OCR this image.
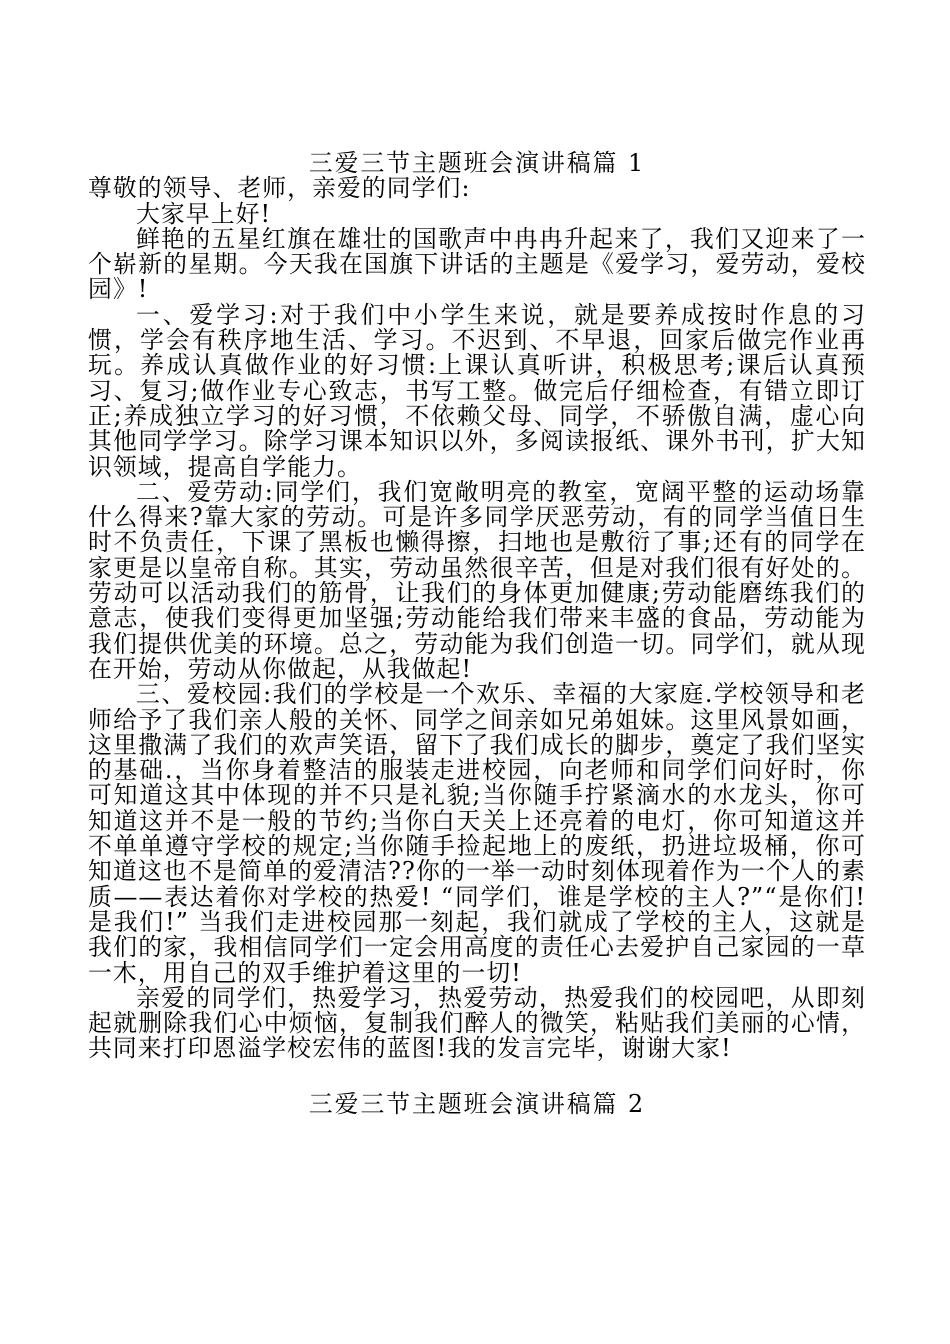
三爱三节主题班会演讲稿篇 1

尊敬的领导、老师，亲爱的同学们:

大家早上好!

鲜艳的五星红旗在雄壮的国歌声中冉冉升起来了，我们又迎来了一个崭新的星期。今天我在国旗下讲话的主题是《爱学习，爱劳动，爱校园》!

一、爱学习:对于我们中小学生来说，就是要养成按时作息的习惯，学会有秩序地生活、学习。不迟到、不早退，回家后做完作业再玩。养成认真做作业的好习惯:上课认真听讲，积极思考;课后认真预习、复习;做作业专心致志，书写工整。做完后仔细检查，有错立即订正;养成独立学习的好习惯，不依赖父母、同学，不骄傲自满，虚心向其他同学学习。除学习课本知识以外，多阅读报纸、课外书刊，扩大知识领域，提高自学能力。

二、爱劳动:同学们，我们宽敞明亮的教室，宽阔平整的运动场靠什么得来?靠大家的劳动。可是许多同学厌恶劳动，有的同学当值日生时不负责任，下课了黑板也懒得擦，扫地也是敷衍了事;还有的同学在家更是以皇帝自称。其实，劳动虽然很辛苦，但是对我们很有好处的。劳动可以活动我们的筋骨，让我们的身体更加健康;劳动能磨练我们的意志，使我们变得更加坚强;劳动能给我们带来丰盛的食品，劳动能为我们提供优美的环境。总之，劳动能为我们创造一切。同学们，就从现在开始，劳动从你做起，从我做起!

三、爱校园:我们的学校是一个欢乐、幸福的大家庭.学校领导和老师给予了我们亲人般的关怀、同学之间亲如兄弟姐妹。这里风景如画，这里撒满了我们的欢声笑语，留下了我们成长的脚步，奠定了我们坚实的基础.，当你身着整洁的服装走进校园，向老师和同学们问好时，你可知道这其中体现的并不只是礼貌;当你随手拧紧滴水的水龙头，你可知道这并不是一般的节约;当你白天关上还亮着的电灯，你可知道这并不单单遵守学校的规定;当你随手捡起地上的废纸，扔进垃圾桶，你可知道这也不是简单的爱清洁??你的一举一动时刻体现着作为一个人的素质——表达着你对学校的热爱! “同学们，谁是学校的主人?”“是你们!是我们!” 当我们走进校园那一刻起，我们就成了学校的主人，这就是我们的家，我相信同学们一定会用高度的责任心去爱护自己家园的一草一木，用自己的双手维护着这里的一切!

亲爱的同学们，热爱学习，热爱劳动，热爱我们的校园吧，从即刻起就删除我们心中烦恼，复制我们醉人的微笑，粘贴我们美丽的心情，共同来打印恩溢学校宏伟的蓝图!我的发言完毕，谢谢大家!

三爱三节主题班会演讲稿篇 2
